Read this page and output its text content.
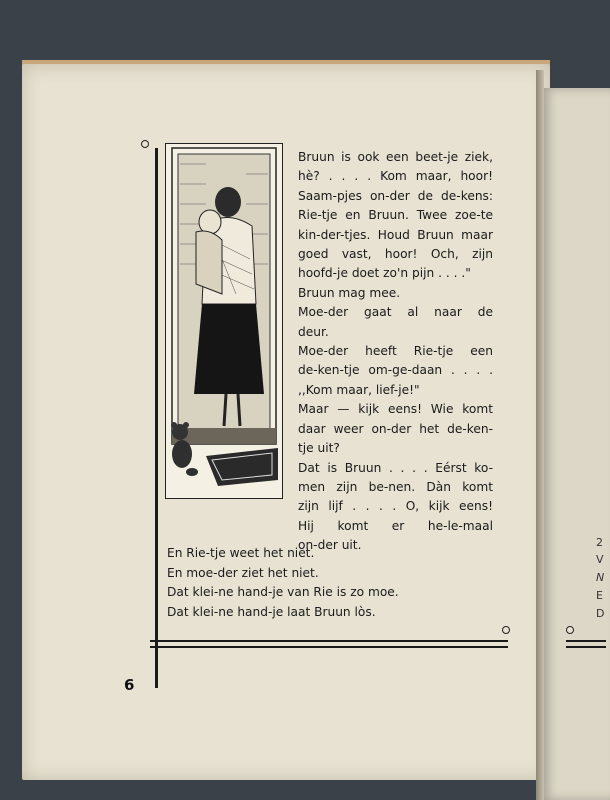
Bruun is ook een beet-je ziek,
hè? . . . . Kom maar, hoor!
Saam-pjes on-der de de-kens:
Rie-tje en Bruun. Twee zoe-te
kin-der-tjes. Houd Bruun maar
goed vast, hoor! Och, zijn
hoofd-je doet zo'n pijn . . . ."
Bruun mag mee.
Moe-der gaat al naar de
deur.
Moe-der heeft Rie-tje een
de-ken-tje om-ge-daan . . . .
,,Kom maar, lief-je!"
Maar — kijk eens! Wie komt
daar weer on-der het de-ken-
tje uit?
Dat is Bruun . . . . Eérst ko-
men zijn be-nen. Dàn komt
zijn lijf . . . . O, kijk eens!
Hij komt er he-le-maal
on-der uit.
En Rie-tje weet het niet.
En moe-der ziet het niet.
Dat klei-ne hand-je van Rie is zo moe.
Dat klei-ne hand-je laat Bruun lòs.
6
2
V
N
E
D
